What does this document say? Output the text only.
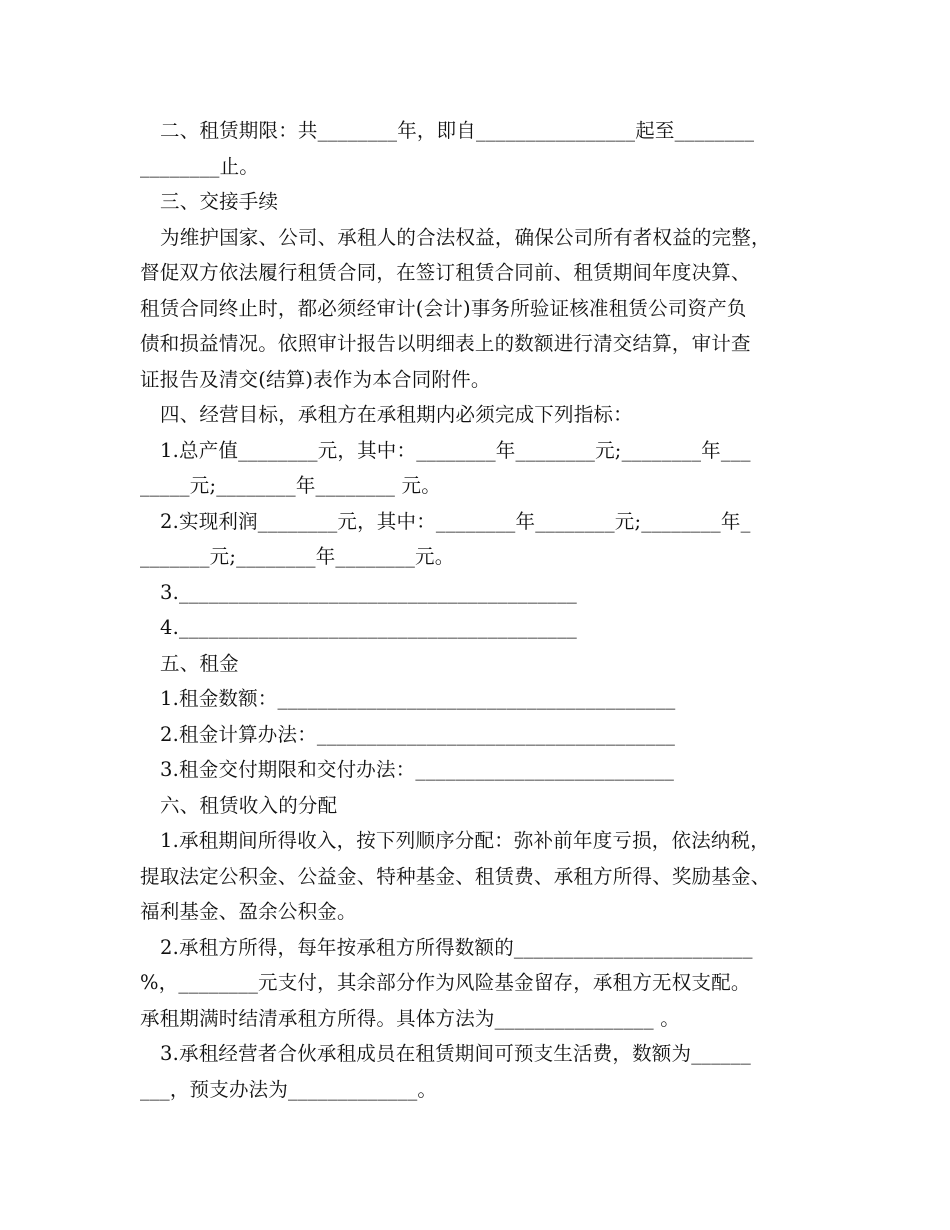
二、租赁期限：共________年，即自________________起至________

________止。

三、交接手续

为维护国家、公司、承租人的合法权益，确保公司所有者权益的完整，

督促双方依法履行租赁合同，在签订租赁合同前、租赁期间年度决算、

租赁合同终止时，都必须经审计(会计)事务所验证核准租赁公司资产负

债和损益情况。依照审计报告以明细表上的数额进行清交结算，审计查

证报告及清交(结算)表作为本合同附件。

四、经营目标，承租方在承租期内必须完成下列指标：

1.总产值________元，其中：________年________元;________年___

_____元;________年________ 元。

2.实现利润________元，其中：________年________元;________年_

_______元;________年________元。

3.________________________________________

4.________________________________________

五、租金

1.租金数额：________________________________________

2.租金计算办法：____________________________________

3.租金交付期限和交付办法：__________________________

六、租赁收入的分配

1.承租期间所得收入，按下列顺序分配：弥补前年度亏损，依法纳税，

提取法定公积金、公益金、特种基金、租赁费、承租方所得、奖励基金、

福利基金、盈余公积金。

2.承租方所得，每年按承租方所得数额的________________________

%，________元支付，其余部分作为风险基金留存，承租方无权支配。

承租期满时结清承租方所得。具体方法为________________ 。

3.承租经营者合伙承租成员在租赁期间可预支生活费，数额为______

___，预支办法为_____________。
